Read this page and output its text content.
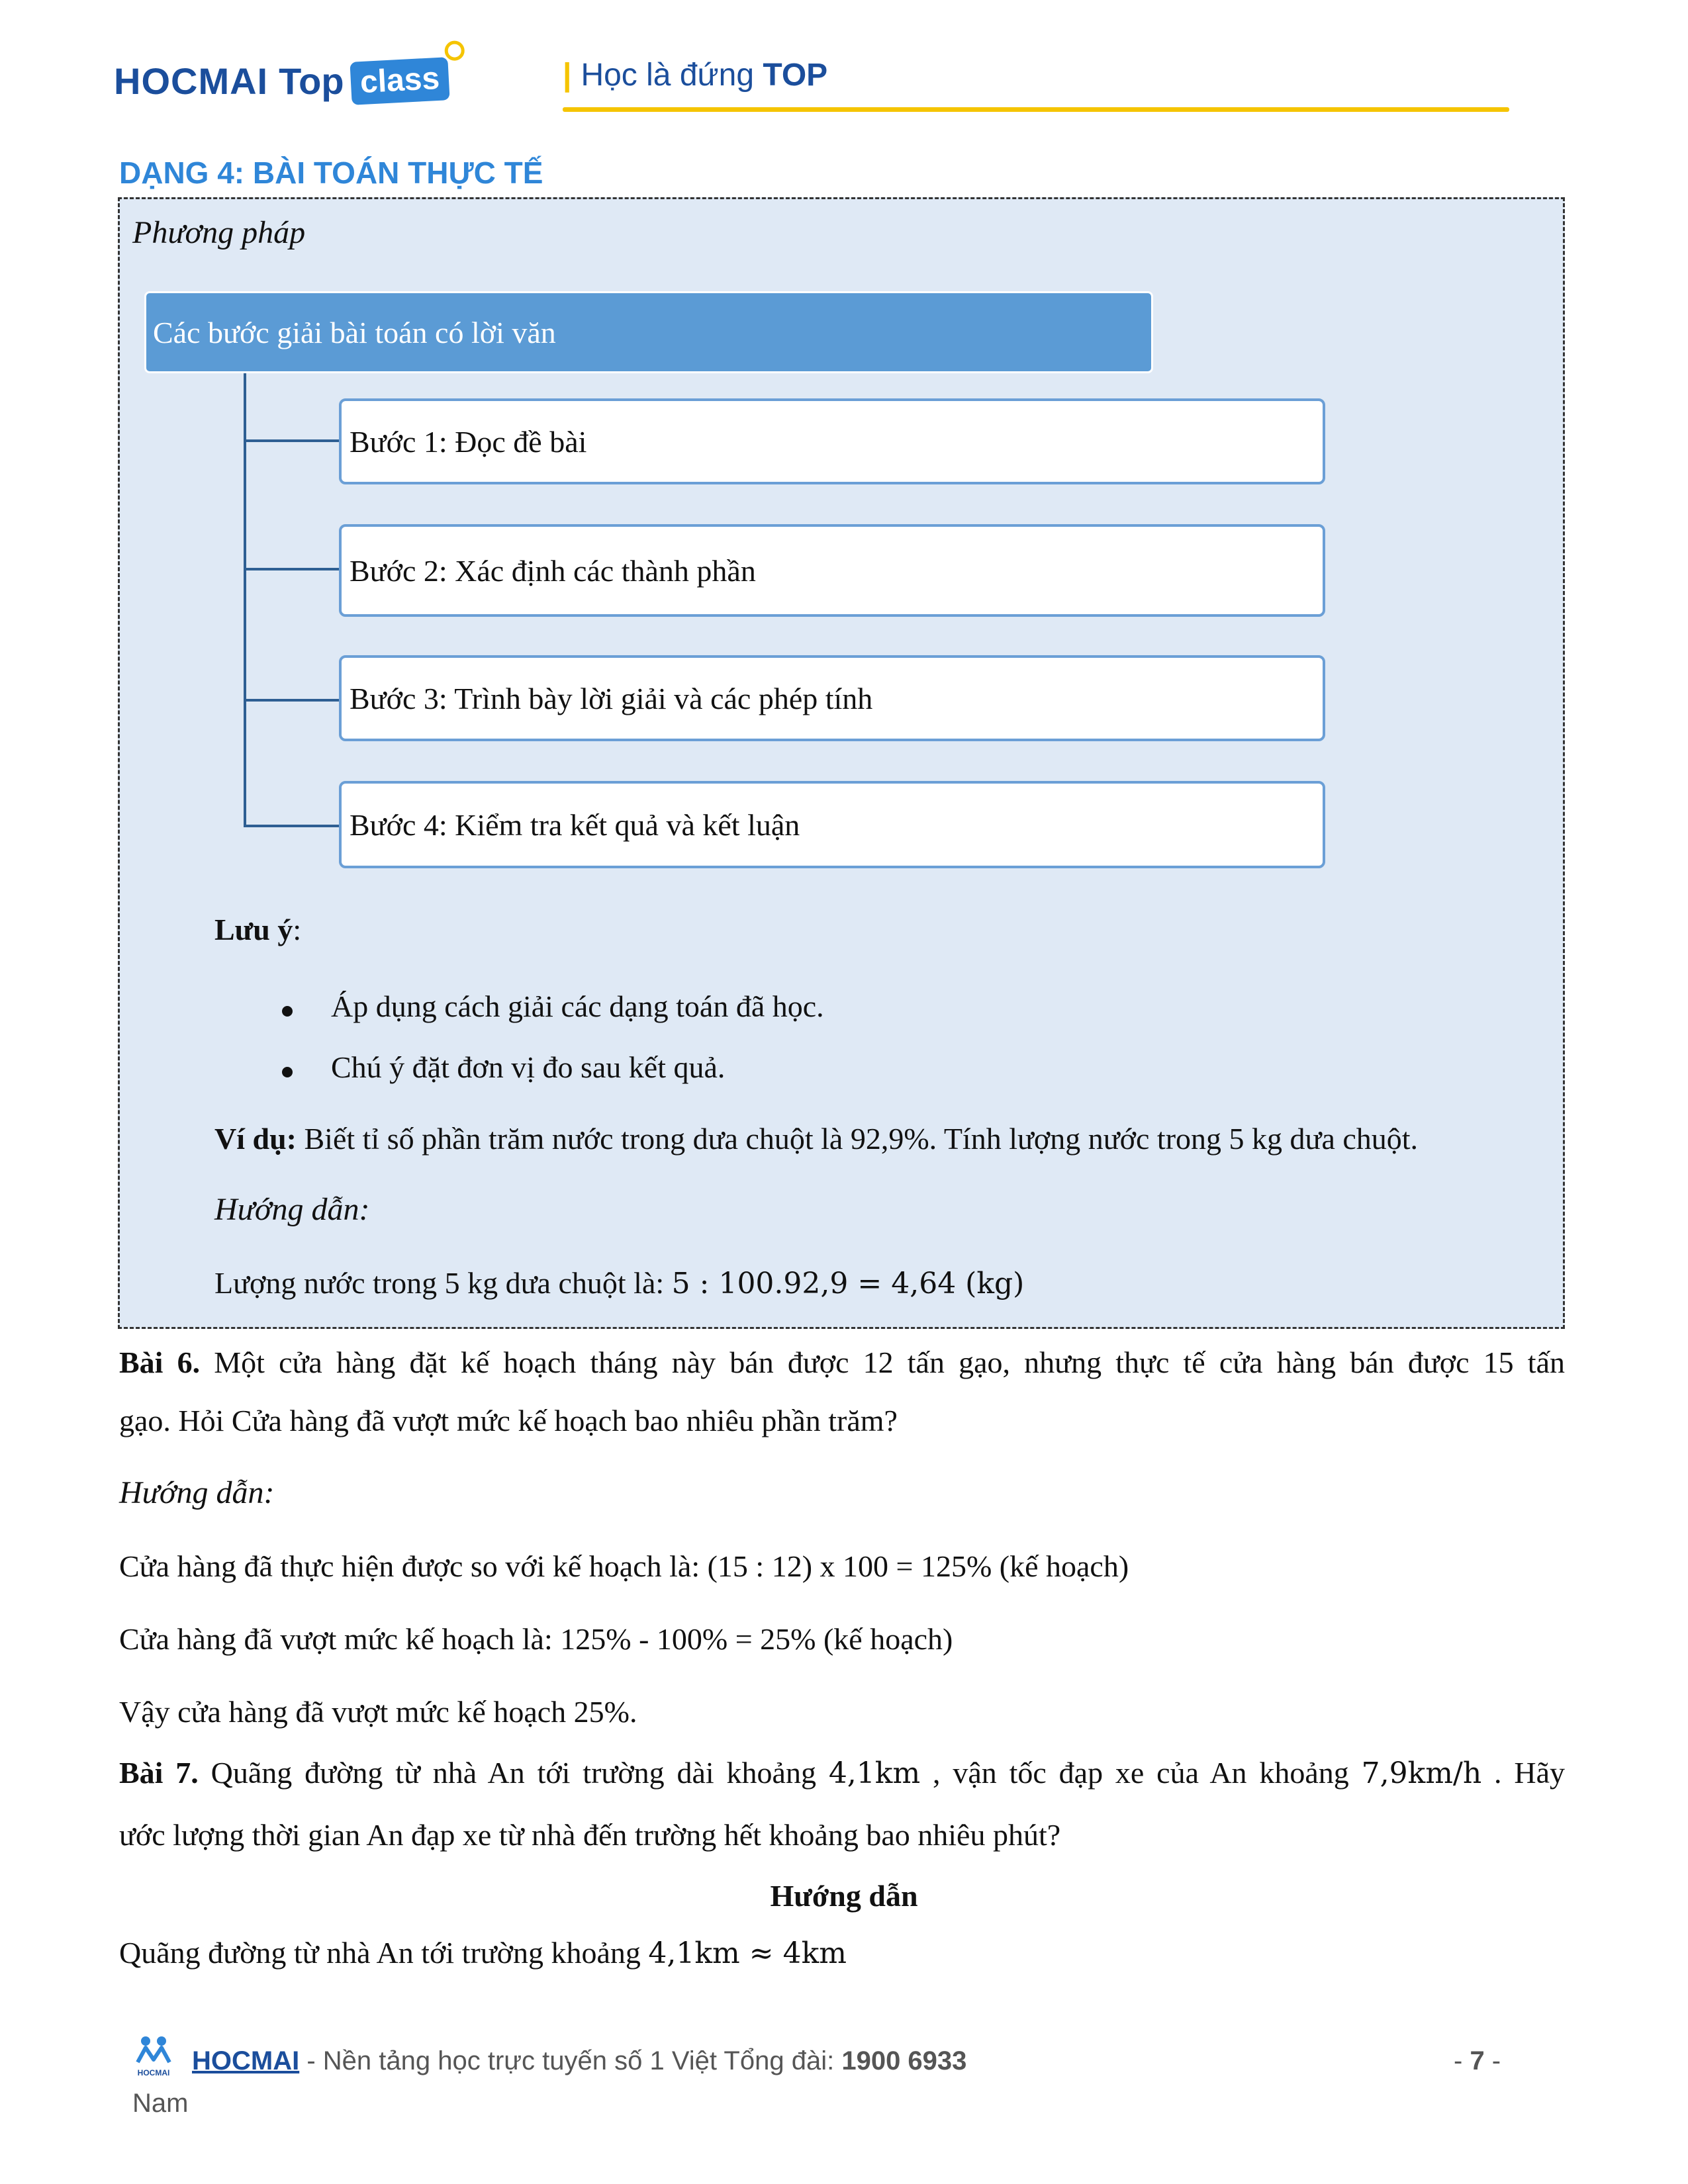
HOCMAI Top class	| Học là đứng TOP
DẠNG 4: BÀI TOÁN THỰC TẾ
Phương pháp
Các bước giải bài toán có lời văn
Bước 1: Đọc đề bài
Bước 2: Xác định các thành phần
Bước 3: Trình bày lời giải và các phép tính
Bước 4: Kiểm tra kết quả và kết luận
Lưu ý:
Áp dụng cách giải các dạng toán đã học.
Chú ý đặt đơn vị đo sau kết quả.
Ví dụ: Biết tỉ số phần trăm nước trong dưa chuột là 92,9%. Tính lượng nước trong 5 kg dưa chuột.
Hướng dẫn:
Lượng nước trong 5 kg dưa chuột là: 5 : 100.92,9 = 4,64 (kg)
Bài 6. Một cửa hàng đặt kế hoạch tháng này bán được 12 tấn gạo, nhưng thực tế cửa hàng bán được 15 tấn
gạo. Hỏi Cửa hàng đã vượt mức kế hoạch bao nhiêu phần trăm?
Hướng dẫn:
Cửa hàng đã thực hiện được so với kế hoạch là: (15 : 12) x 100 = 125% (kế hoạch)
Cửa hàng đã vượt mức kế hoạch là: 125% - 100% = 25% (kế hoạch)
Vậy cửa hàng đã vượt mức kế hoạch 25%.
Bài 7. Quãng đường từ nhà An tới trường dài khoảng 4,1km , vận tốc đạp xe của An khoảng 7,9km/h . Hãy
ước lượng thời gian An đạp xe từ nhà đến trường hết khoảng bao nhiêu phút?
Hướng dẫn
Quãng đường từ nhà An tới trường khoảng 4,1km ≈ 4km
HOCMAI HOCMAI - Nền tảng học trực tuyến số 1 Việt Tổng đài: 1900 6933	- 7 -
Nam
